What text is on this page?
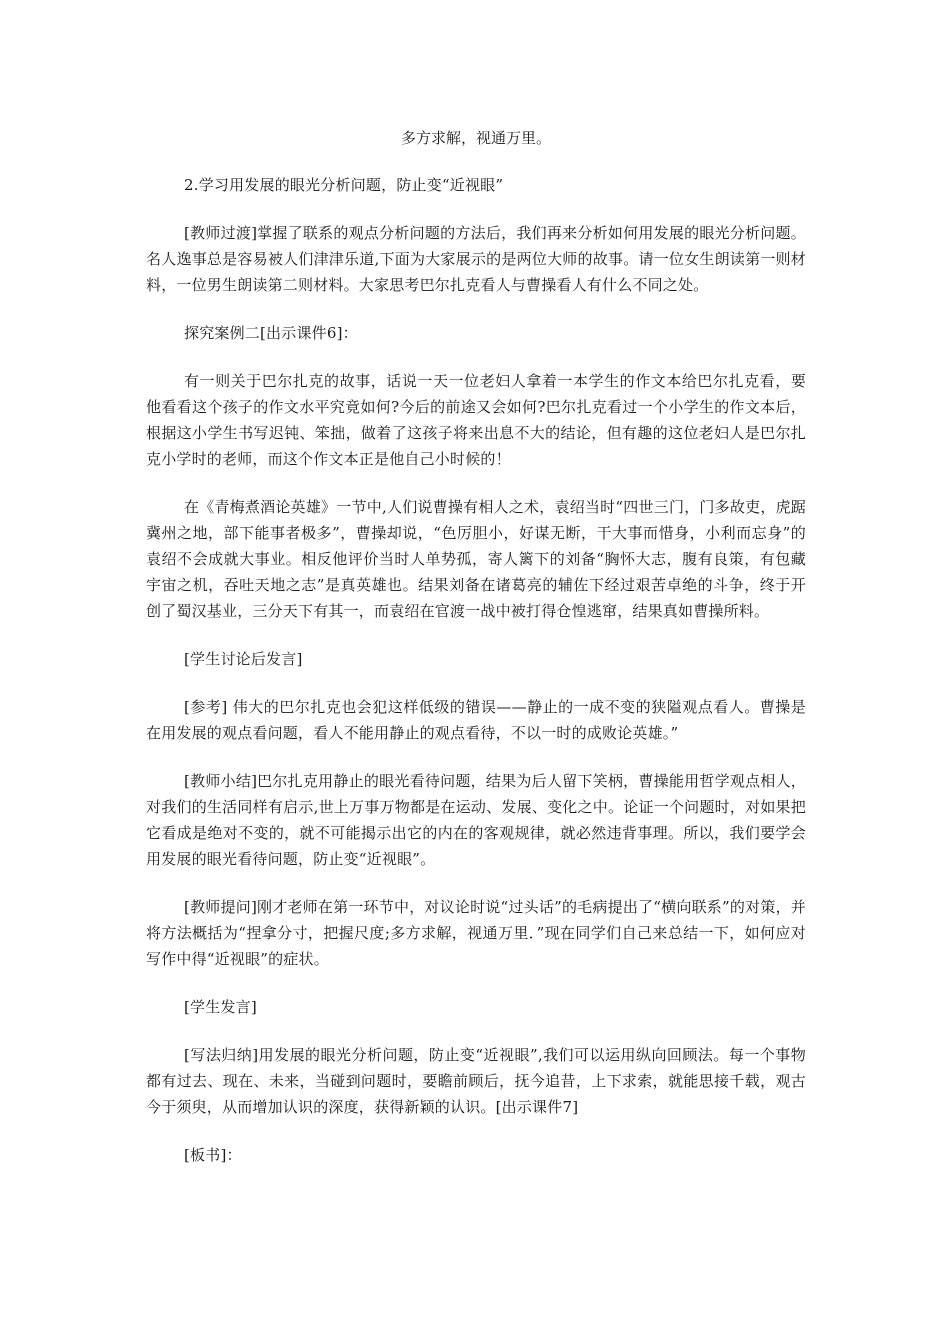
多方求解，视通万里。

2.学习用发展的眼光分析问题，防止变“近视眼”

[教师过渡]掌握了联系的观点分析问题的方法后，我们再来分析如何用发展的眼光分析问题。名人逸事总是容易被人们津津乐道,下面为大家展示的是两位大师的故事。请一位女生朗读第一则材料，一位男生朗读第二则材料。大家思考巴尔扎克看人与曹操看人有什么不同之处。

探究案例二[出示课件6]：

有一则关于巴尔扎克的故事，话说一天一位老妇人拿着一本学生的作文本给巴尔扎克看，要他看看这个孩子的作文水平究竟如何?今后的前途又会如何?巴尔扎克看过一个小学生的作文本后，根据这小学生书写迟钝、笨拙，做着了这孩子将来出息不大的结论，但有趣的这位老妇人是巴尔扎克小学时的老师，而这个作文本正是他自己小时候的！

在《青梅煮酒论英雄》一节中,人们说曹操有相人之术，袁绍当时“四世三门，门多故吏，虎踞冀州之地，部下能事者极多”，曹操却说，“色厉胆小，好谋无断，干大事而惜身，小利而忘身”的袁绍不会成就大事业。相反他评价当时人单势孤，寄人篱下的刘备“胸怀大志，腹有良策，有包藏宇宙之机，吞吐天地之志”是真英雄也。结果刘备在诸葛亮的辅佐下经过艰苦卓绝的斗争，终于开创了蜀汉基业，三分天下有其一，而袁绍在官渡一战中被打得仓惶逃窜，结果真如曹操所料。

[学生讨论后发言]

[参考] 伟大的巴尔扎克也会犯这样低级的错误——静止的一成不变的狭隘观点看人。曹操是在用发展的观点看问题，看人不能用静止的观点看待，不以一时的成败论英雄。”

[教师小结]巴尔扎克用静止的眼光看待问题，结果为后人留下笑柄，曹操能用哲学观点相人，对我们的生活同样有启示,世上万事万物都是在运动、发展、变化之中。论证一个问题时，对如果把它看成是绝对不变的，就不可能揭示出它的内在的客观规律，就必然违背事理。所以，我们要学会用发展的眼光看待问题，防止变“近视眼”。

[教师提问]刚才老师在第一环节中，对议论时说“过头话”的毛病提出了“横向联系”的对策，并将方法概括为“捏拿分寸，把握尺度;多方求解，视通万里．”现在同学们自己来总结一下，如何应对写作中得“近视眼”的症状。

[学生发言]

[写法归纳]用发展的眼光分析问题，防止变“近视眼”,我们可以运用纵向回顾法。每一个事物都有过去、现在、未来，当碰到问题时，要瞻前顾后，抚今追昔，上下求索，就能思接千载，观古今于须臾，从而增加认识的深度，获得新颖的认识。[出示课件7]

[板书]：
